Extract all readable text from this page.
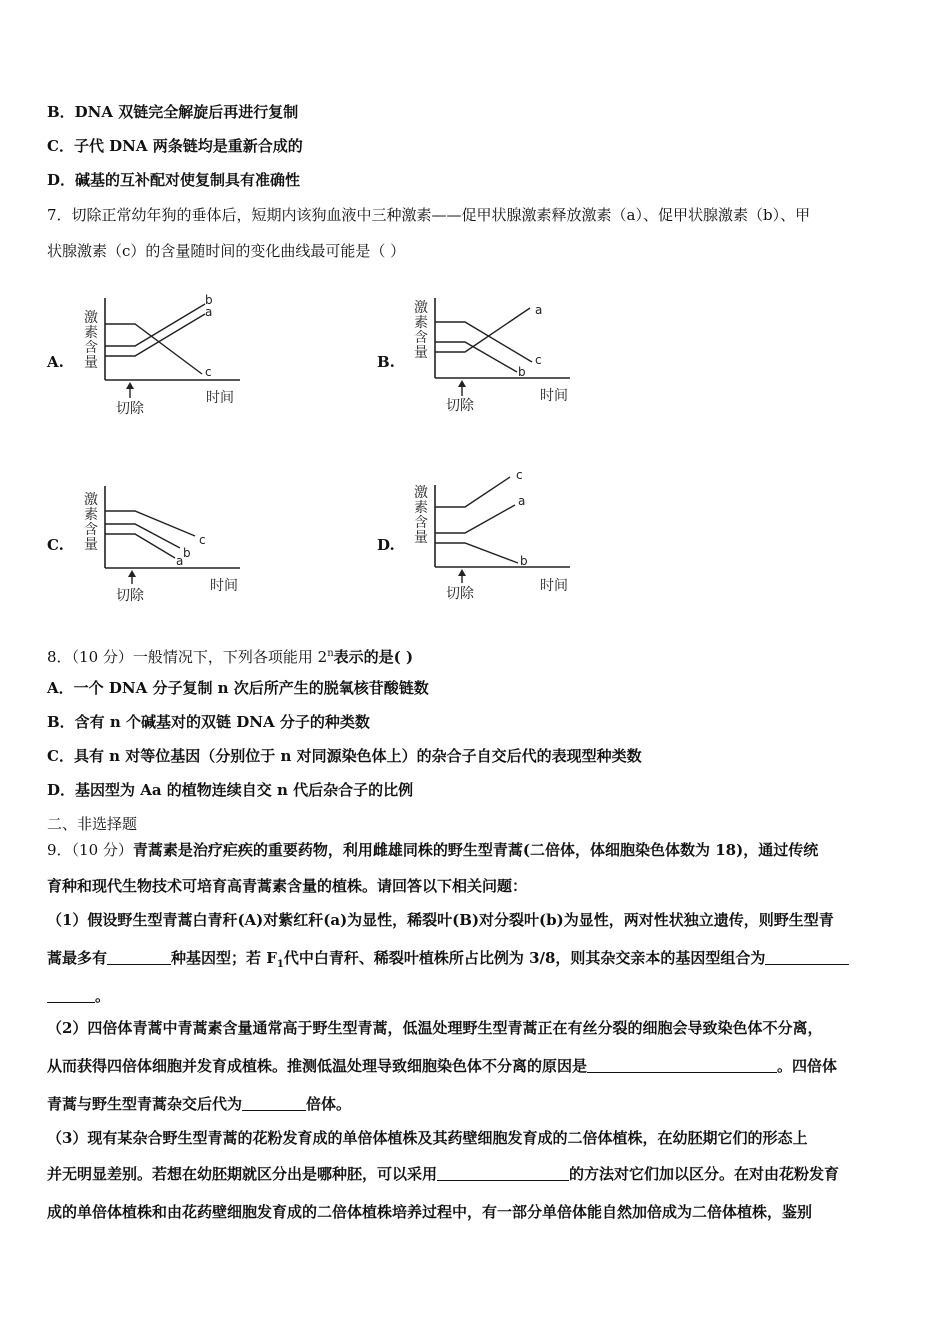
B．DNA 双链完全解旋后再进行复制
C．子代 DNA 两条链均是重新合成的
D．碱基的互补配对使复制具有准确性
7．切除正常幼年狗的垂体后，短期内该狗血液中三种激素——促甲状腺激素释放激素（a）、促甲状腺激素（b）、甲
状腺激素（c）的含量随时间的变化曲线最可能是（ ）
A.
激
素
含
量
b
a
c
切除
时间
B.
激
素
含
量
a
c
b
切除
时间
C.
激
素
含
量	c
b
a
切除
时间
D.
激
素
含
量
c
a
b
切除	时间
8．（10 分）一般情况下，下列各项能用 2$^n$表示的是( )
A．一个 DNA 分子复制 n 次后所产生的脱氧核苷酸链数
B．含有 n 个碱基对的双链 DNA 分子的种类数
C．具有 n 对等位基因（分别位于 n 对同源染色体上）的杂合子自交后代的表现型种类数
D．基因型为 Aa 的植物连续自交 n 代后杂合子的比例
二、非选择题
9．（10 分）青蒿素是治疗疟疾的重要药物，利用雌雄同株的野生型青蒿(二倍体，体细胞染色体数为 18)，通过传统
育种和现代生物技术可培育高青蒿素含量的植株。请回答以下相关问题：
（1）假设野生型青蒿白青秆(A)对紫红秆(a)为显性，稀裂叶(B)对分裂叶(b)为显性，两对性状独立遗传，则野生型青
蒿最多有	种基因型；若 $F_1$代中白青秆、稀裂叶植株所占比例为 3/8，则其杂交亲本的基因型组合为
。
（2）四倍体青蒿中青蒿素含量通常高于野生型青蒿，低温处理野生型青蒿正在有丝分裂的细胞会导致染色体不分离，
从而获得四倍体细胞并发育成植株。推测低温处理导致细胞染色体不分离的原因是	。四倍体
青蒿与野生型青蒿杂交后代为	倍体。
（3）现有某杂合野生型青蒿的花粉发育成的单倍体植株及其药壁细胞发育成的二倍体植株，在幼胚期它们的形态上
并无明显差别。若想在幼胚期就区分出是哪种胚，可以采用	的方法对它们加以区分。在对由花粉发育
成的单倍体植株和由花药壁细胞发育成的二倍体植株培养过程中，有一部分单倍体能自然加倍成为二倍体植株，鉴别
